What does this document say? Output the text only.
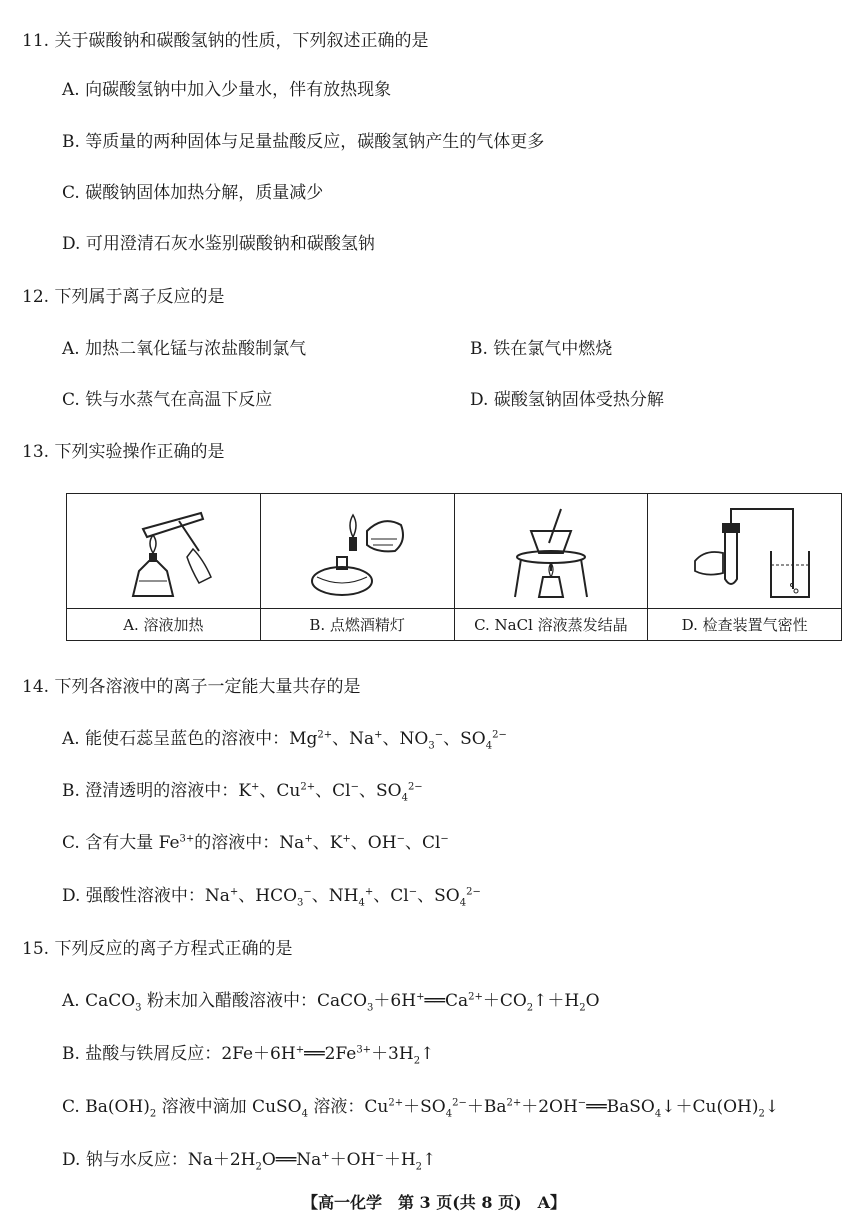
11. 关于碳酸钠和碳酸氢钠的性质，下列叙述正确的是
A. 向碳酸氢钠中加入少量水，伴有放热现象
B. 等质量的两种固体与足量盐酸反应，碳酸氢钠产生的气体更多
C. 碳酸钠固体加热分解，质量减少
D. 可用澄清石灰水鉴别碳酸钠和碳酸氢钠
12. 下列属于离子反应的是
A. 加热二氧化锰与浓盐酸制氯气	B. 铁在氯气中燃烧
C. 铁与水蒸气在高温下反应	D. 碳酸氢钠固体受热分解
13. 下列实验操作正确的是
A. 溶液加热	B. 点燃酒精灯	C. NaCl 溶液蒸发结晶	D. 检查装置气密性
14. 下列各溶液中的离子一定能大量共存的是
A. 能使石蕊呈蓝色的溶液中：$Mg^{2+}$、Na+、$NO_3^-$、$SO_4^{2-}$
B. 澄清透明的溶液中：K+、$Cu^{2+}$、Cl−、$SO_4^{2-}$
C. 含有大量 $Fe^{3+}$的溶液中：Na+、K+、OH−、Cl−
D. 强酸性溶液中：Na+、$HCO_3^-$、$NH_4^+$、Cl−、$SO_4^{2-}$
15. 下列反应的离子方程式正确的是
A. CaCO$_3$ 粉末加入醋酸溶液中：$CaCO_3+6H^+══Ca^{2+}+CO_2↑+H_2O$
B. 盐酸与铁屑反应：$2Fe+6H^+══2Fe^{3+}+3H_2↑$
C. $Ba(OH)_2$ 溶液中滴加 CuSO$_4$ 溶液：$Cu^{2+}+SO_4^{2-}+Ba^{2+}+2OH^-══BaSO_4↓+Cu(OH)_2↓$
D. 钠与水反应：$Na+2H_2O══Na^++OH^-+H_2↑$
【高一化学　第 3 页(共 8 页)　A】
